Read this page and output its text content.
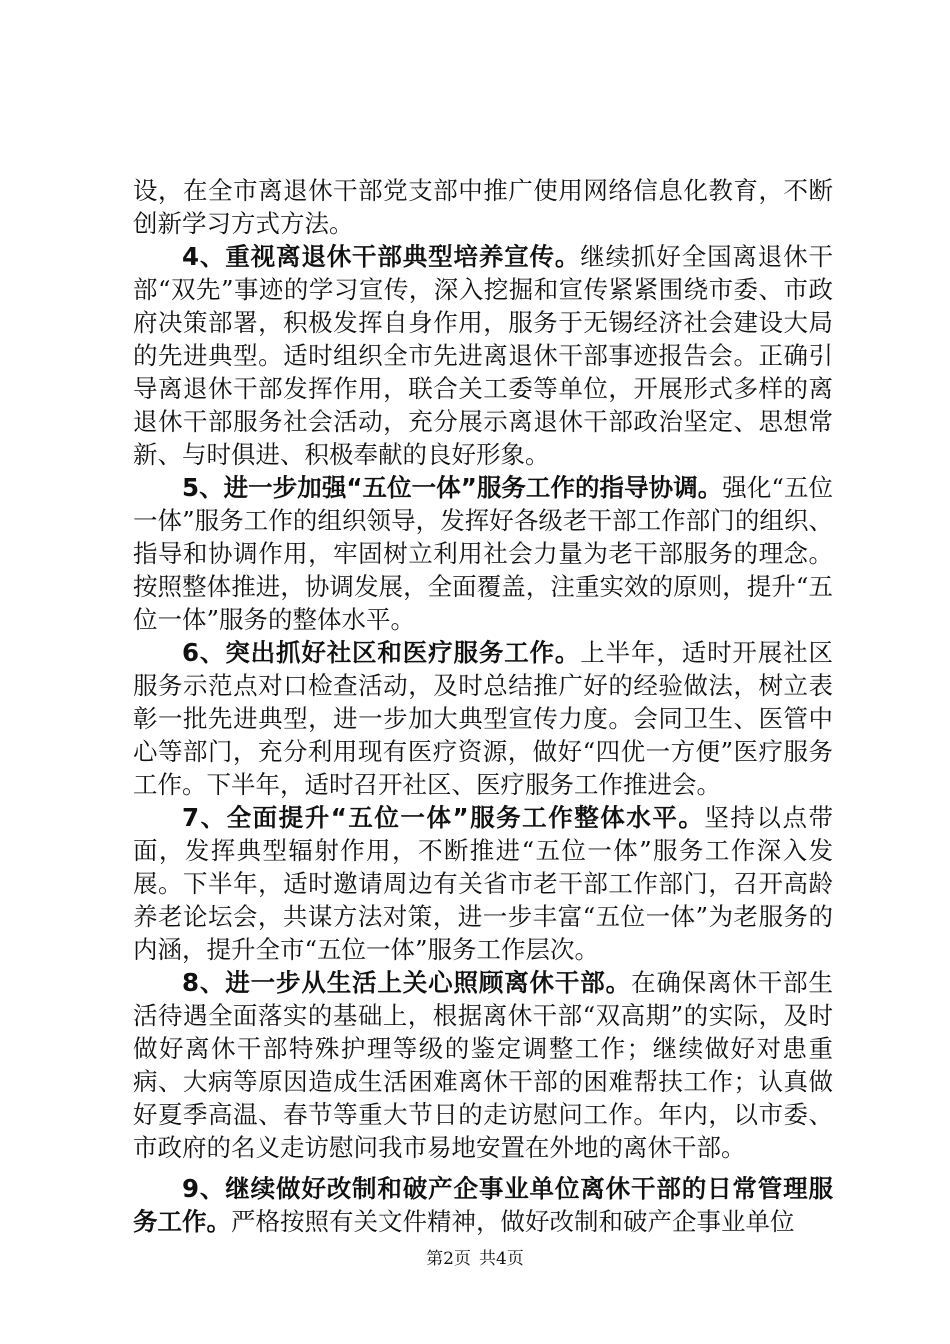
设，在全市离退休干部党支部中推广使用网络信息化教育，不断创新学习方式方法。

4、重视离退休干部典型培养宣传。继续抓好全国离退休干部“双先”事迹的学习宣传，深入挖掘和宣传紧紧围绕市委、市政府决策部署，积极发挥自身作用，服务于无锡经济社会建设大局的先进典型。适时组织全市先进离退休干部事迹报告会。正确引导离退休干部发挥作用，联合关工委等单位，开展形式多样的离退休干部服务社会活动，充分展示离退休干部政治坚定、思想常新、与时俱进、积极奉献的良好形象。

5、进一步加强“五位一体”服务工作的指导协调。强化“五位一体”服务工作的组织领导，发挥好各级老干部工作部门的组织、指导和协调作用，牢固树立利用社会力量为老干部服务的理念。按照整体推进，协调发展，全面覆盖，注重实效的原则，提升“五位一体”服务的整体水平。

6、突出抓好社区和医疗服务工作。上半年，适时开展社区服务示范点对口检查活动，及时总结推广好的经验做法，树立表彰一批先进典型，进一步加大典型宣传力度。会同卫生、医管中心等部门，充分利用现有医疗资源，做好“四优一方便”医疗服务工作。下半年，适时召开社区、医疗服务工作推进会。

7、全面提升“五位一体”服务工作整体水平。坚持以点带面，发挥典型辐射作用，不断推进“五位一体”服务工作深入发展。下半年，适时邀请周边有关省市老干部工作部门，召开高龄养老论坛会，共谋方法对策，进一步丰富“五位一体”为老服务的内涵，提升全市“五位一体”服务工作层次。

8、进一步从生活上关心照顾离休干部。在确保离休干部生活待遇全面落实的基础上，根据离休干部“双高期”的实际，及时做好离休干部特殊护理等级的鉴定调整工作；继续做好对患重病、大病等原因造成生活困难离休干部的困难帮扶工作；认真做好夏季高温、春节等重大节日的走访慰问工作。年内，以市委、市政府的名义走访慰问我市易地安置在外地的离休干部。

9、继续做好改制和破产企事业单位离休干部的日常管理服务工作。严格按照有关文件精神，做好改制和破产企事业单位

第2页 共4页
